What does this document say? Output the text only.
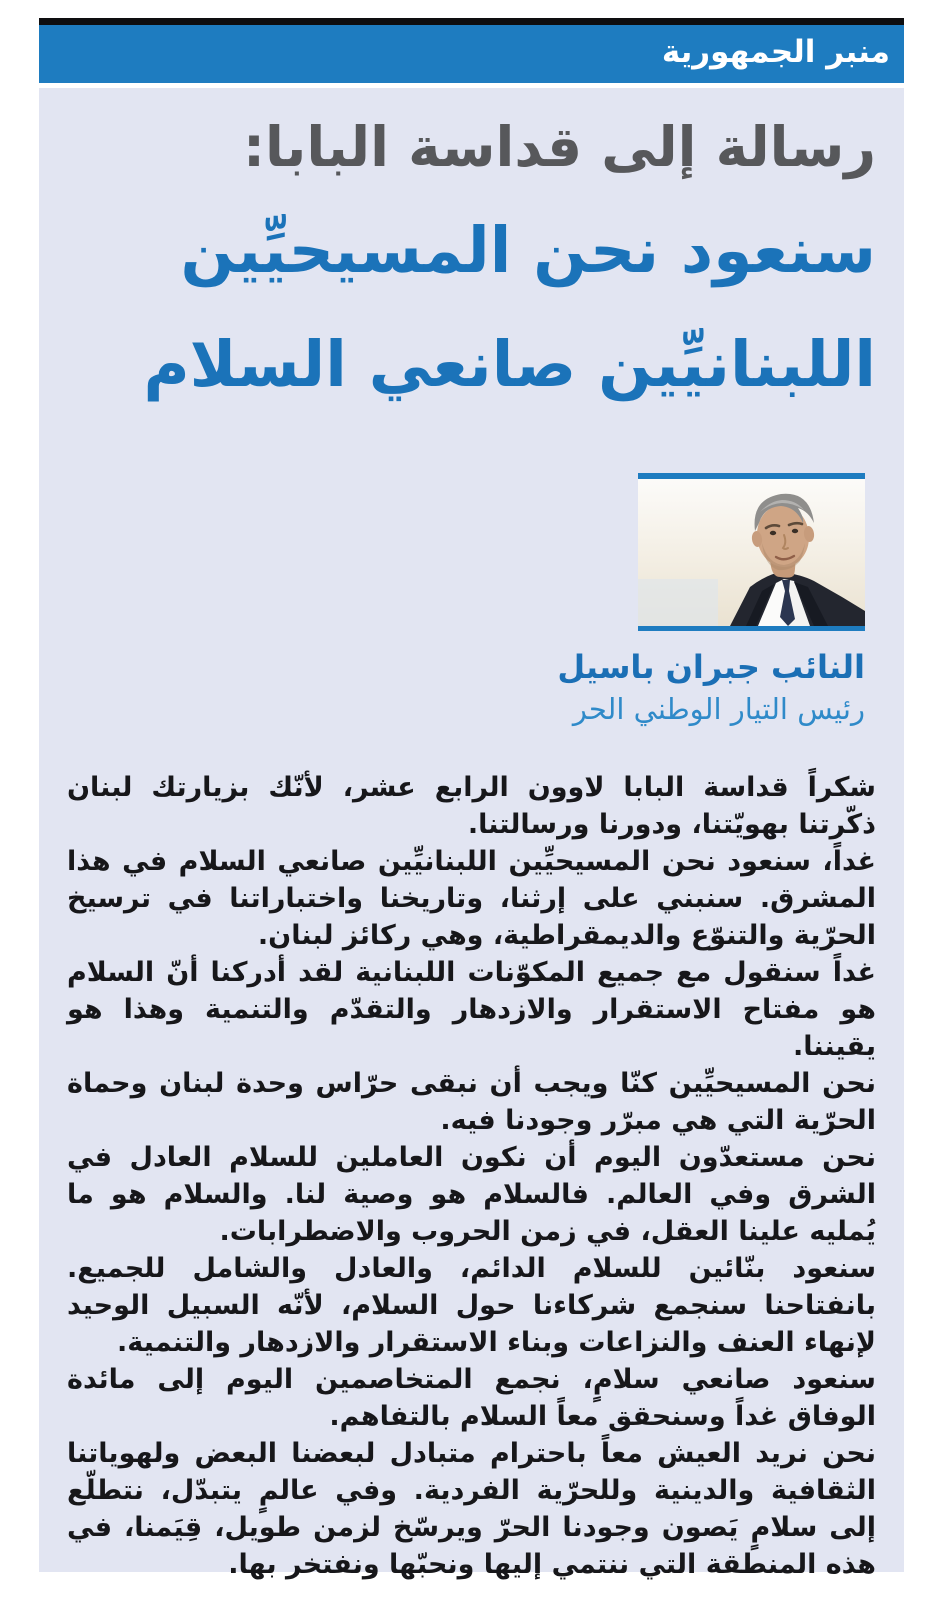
منبر الجمهورية
رسالة إلى قداسة البابا:
سنعود نحن المسيحيِّين
اللبنانيِّين صانعي السلام
النائب جبران باسيل
رئيس التيار الوطني الحر

شكراً قداسة البابا لاوون الرابع عشر، لأنّك بزيارتك لبنان ذكّرتنا بهويّتنا، ودورنا ورسالتنا.

غداً، سنعود نحن المسيحيِّين اللبنانيِّين صانعي السلام في هذا المشرق. سنبني على إرثنا، وتاريخنا واختباراتنا في ترسيخ الحرّية والتنوّع والديمقراطية، وهي ركائز لبنان.

غداً سنقول مع جميع المكوّنات اللبنانية لقد أدركنا أنّ السلام هو مفتاح الاستقرار والازدهار والتقدّم والتنمية وهذا هو يقيننا.

نحن المسيحيِّين كنّا ويجب أن نبقى حرّاس وحدة لبنان وحماة الحرّية التي هي مبرّر وجودنا فيه.

نحن مستعدّون اليوم أن نكون العاملين للسلام العادل في الشرق وفي العالم. فالسلام هو وصية لنا. والسلام هو ما يُمليه علينا العقل، في زمن الحروب والاضطرابات.

سنعود بنّائين للسلام الدائم، والعادل والشامل للجميع. بانفتاحنا سنجمع شركاءنا حول السلام، لأنّه السبيل الوحيد لإنهاء العنف والنزاعات وبناء الاستقرار والازدهار والتنمية.

سنعود صانعي سلامٍ، نجمع المتخاصمين اليوم إلى مائدة الوفاق غداً وسنحقق معاً السلام بالتفاهم.

نحن نريد العيش معاً باحترام متبادل لبعضنا البعض ولهوياتنا الثقافية والدينية وللحرّية الفردية. وفي عالمٍ يتبدّل، نتطلّع إلى سلامٍ يَصون وجودنا الحرّ ويرسّخ لزمن طويل، قِيَمنا، في هذه المنطقة التي ننتمي إليها ونحبّها ونفتخر بها.
